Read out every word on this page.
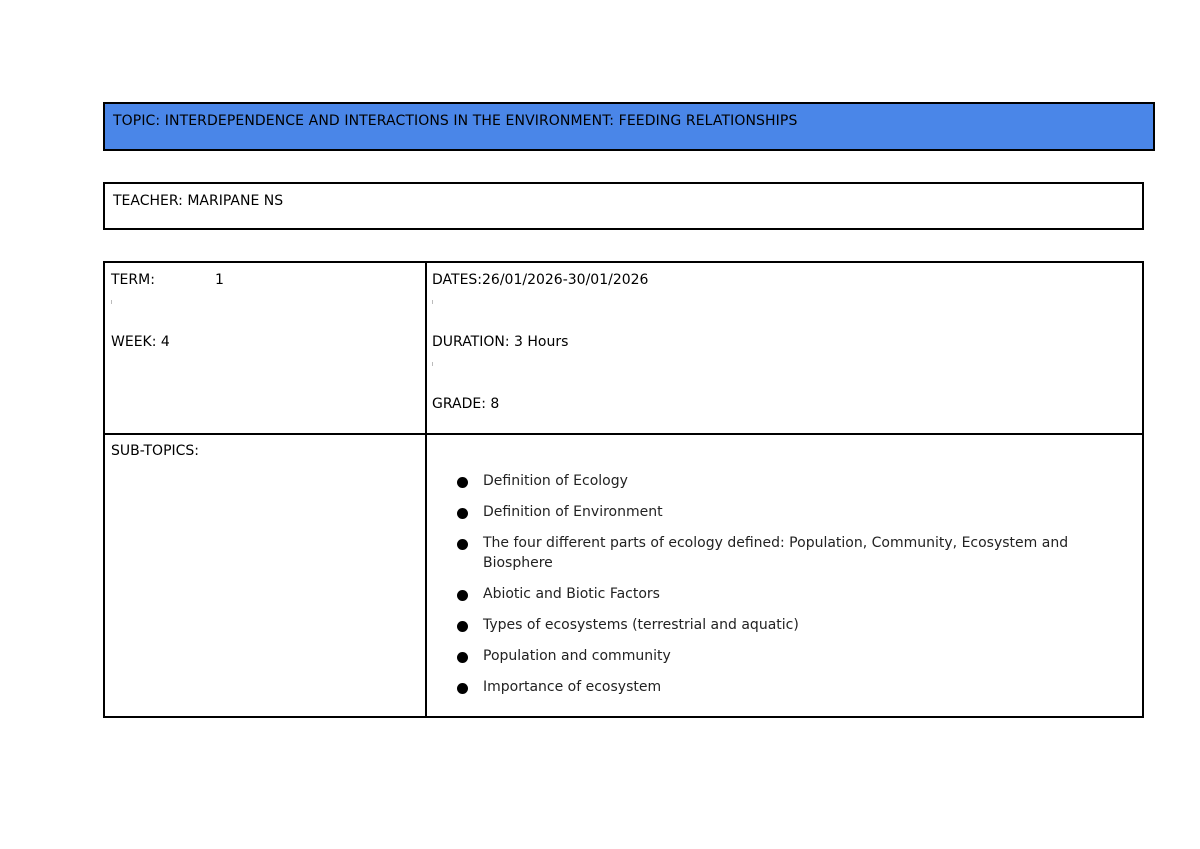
TOPIC: INTERDEPENDENCE AND INTERACTIONS IN THE ENVIRONMENT: FEEDING RELATIONSHIPS
TEACHER: MARIPANE NS
TERM:	1
WEEK: 4
DATES:26/01/2026-30/01/2026
DURATION: 3 Hours
GRADE: 8
SUB-TOPICS:
Definition of Ecology
Definition of Environment
The four different parts of ecology defined: Population, Community, Ecosystem and Biosphere
Abiotic and Biotic Factors
Types of ecosystems (terrestrial and aquatic)
Population and community
Importance of ecosystem
